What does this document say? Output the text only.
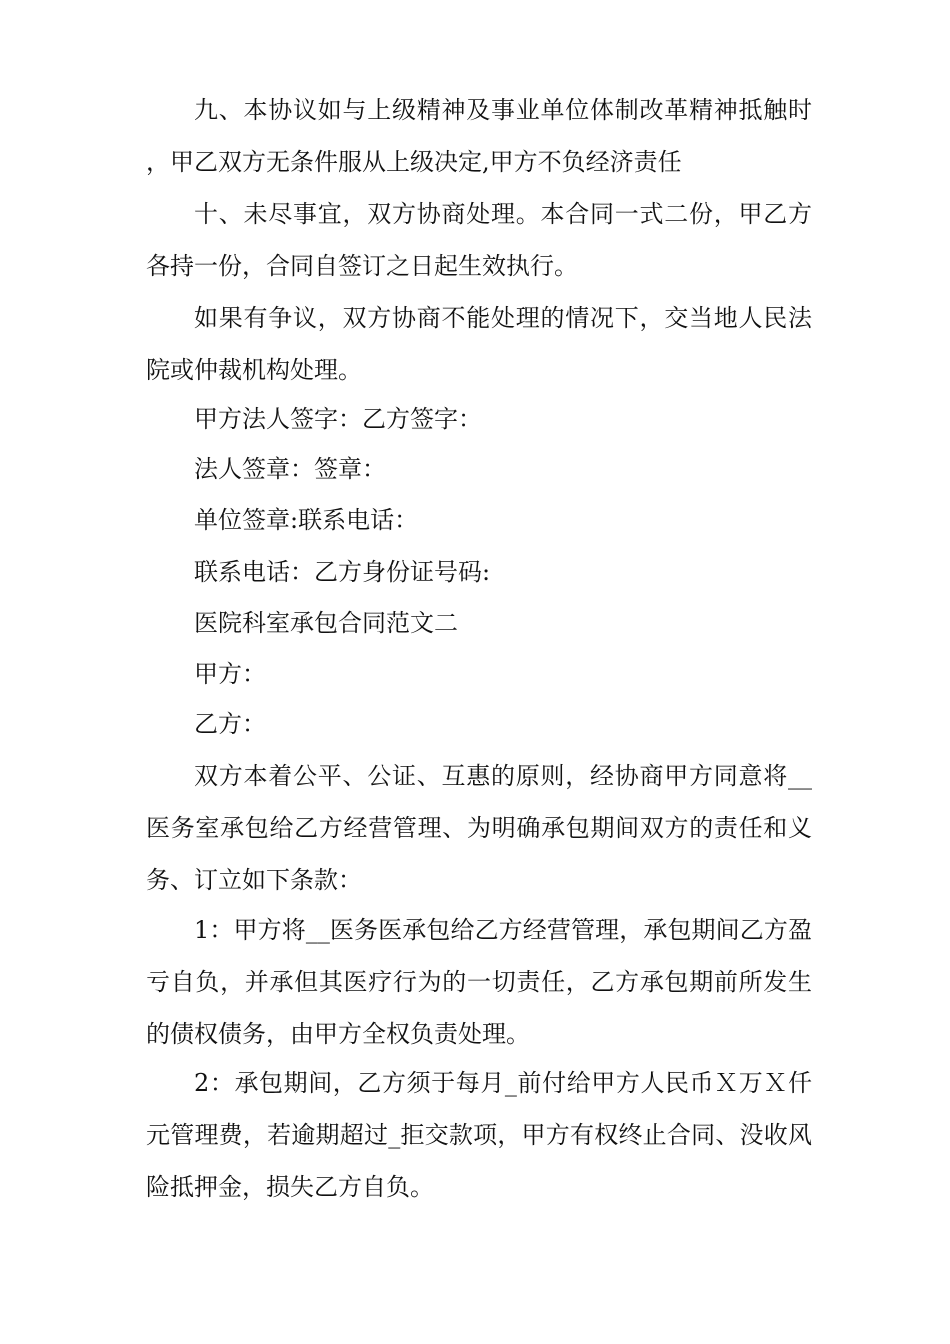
九、本协议如与上级精神及事业单位体制改革精神抵触时 ，甲乙双方无条件服从上级决定,甲方不负经济责任

十、未尽事宜，双方协商处理。本合同一式二份，甲乙方各持一份，合同自签订之日起生效执行。

如果有争议，双方协商不能处理的情况下，交当地人民法院或仲裁机构处理。

甲方法人签字：乙方签字：

法人签章：签章：

单位签章:联系电话：

联系电话：乙方身份证号码:

医院科室承包合同范文二

甲方：

乙方：

双方本着公平、公证、互惠的原则，经协商甲方同意将__医务室承包给乙方经营管理、为明确承包期间双方的责任和义务、订立如下条款：

1：甲方将__医务医承包给乙方经营管理，承包期间乙方盈亏自负，并承但其医疗行为的一切责任，乙方承包期前所发生的债权债务，由甲方全权负责处理。

2：承包期间，乙方须于每月_前付给甲方人民币Ｘ万Ｘ仟元管理费，若逾期超过_拒交款项，甲方有权终止合同、没收风险抵押金，损失乙方自负。
